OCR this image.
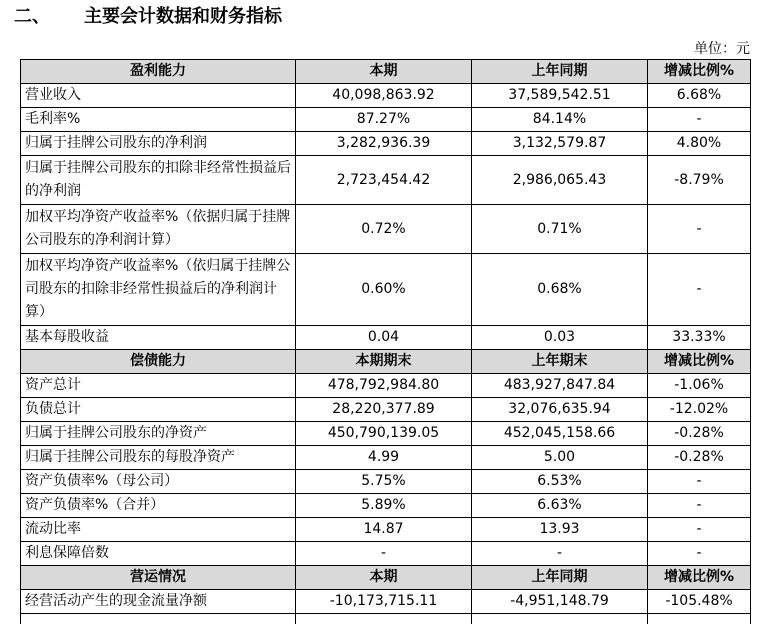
二、 主要会计数据和财务指标
单位：元
盈利能力	本期	上年同期	增减比例%
营业收入	40,098,863.92	37,589,542.51	6.68%
毛利率%	87.27%	84.14%	-
归属于挂牌公司股东的净利润	3,282,936.39	3,132,579.87	4.80%
归属于挂牌公司股东的扣除非经常性损益后的净利润	2,723,454.42	2,986,065.43	-8.79%
加权平均净资产收益率%（依据归属于挂牌公司股东的净利润计算）	0.72%	0.71%	-
加权平均净资产收益率%（依归属于挂牌公司股东的扣除非经常性损益后的净利润计算）	0.60%	0.68%	-
基本每股收益	0.04	0.03	33.33%
偿债能力	本期期末	上年期末	增减比例%
资产总计	478,792,984.80	483,927,847.84	-1.06%
负债总计	28,220,377.89	32,076,635.94	-12.02%
归属于挂牌公司股东的净资产	450,790,139.05	452,045,158.66	-0.28%
归属于挂牌公司股东的每股净资产	4.99	5.00	-0.28%
资产负债率%（母公司）	5.75%	6.53%	-
资产负债率%（合并）	5.89%	6.63%	-
流动比率	14.87	13.93	-
利息保障倍数	-	-	-
营运情况	本期	上年同期	增减比例%
经营活动产生的现金流量净额	-10,173,715.11	-4,951,148.79	-105.48%
